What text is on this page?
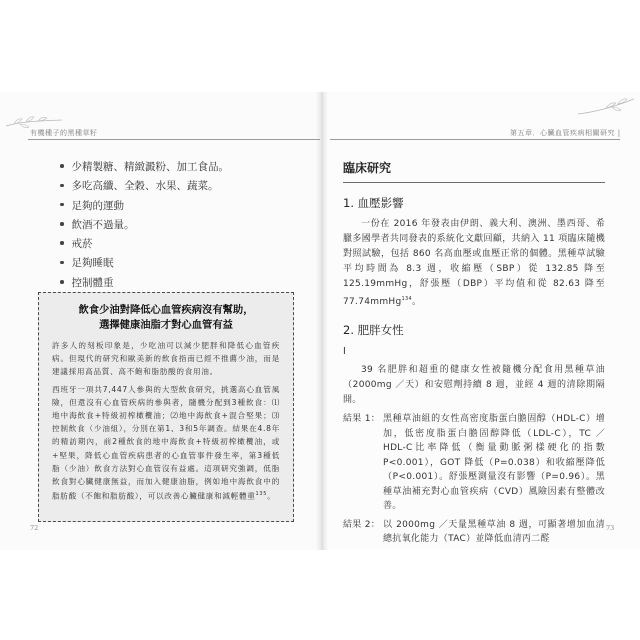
有機種子的黑種草籽
少精製糖、精緻澱粉、加工食品。
多吃高纖、全穀、水果、蔬菜。
足夠的運動
飲酒不過量。
戒菸
足夠睡眠
控制體重
飲食少油對降低心血管疾病沒有幫助，
選擇健康油脂才對心血管有益

許多人的刻板印象是，少吃油可以減少肥胖和降低心血管疾病。但現代的研究和歐美新的飲食指南已經不推薦少油，而是建議採用高品質、高不飽和脂肪酸的食用油。

西班牙一項共7,447人參與的大型飲食研究，挑選高心血管風險，但還沒有心血管疾病的參與者，隨機分配到3種飲食：⑴地中海飲食+特級初榨橄欖油；⑵地中海飲食+混合堅果；⑶控制飲食（少油組），分別在第1、3和5年調查。結果在4.8年的精訪期內，前2種飲食的地中海飲食+特級初榨橄欖油，或+堅果，降低心血管疾病患者的心血管事件發生率，第3種低脂（少油）飲食方法對心血管沒有益處。這項研究強調，低脂飲食對心臟健康無益，而加入健康油脂，例如地中海飲食中的脂肪酸（不飽和脂肪酸），可以改善心臟健康和減輕體重$^{135}$。

72
第五章．心臟血管疾病相關研究 |
臨床研究
1. 血壓影響
一份在 2016 年發表由伊朗、義大利、澳洲、墨西哥、希臘多國學者共同發表的系統化文獻回顧，共納入 11 項臨床隨機對照試驗，包括 860 名高血壓或血壓正常的個體。黑種草試驗平均時間為 8.3 週，收縮壓（SBP）從 132.85 降至 125.19mmHg，舒張壓（DBP）平均值和從 82.63 降至 77.74mmHg$^{134}$。
2. 肥胖女性
I
39 名肥胖和超重的健康女性被隨機分配食用黑種草油（2000mg ／天）和安慰劑持續 8 週，並經 4 週的清除期隔開。
結果 1： 黑種草油組的女性高密度脂蛋白膽固醇（HDL-C）增加，低密度脂蛋白膽固醇降低（LDL-C），TC ／ HDL-C比率降低（衡量動脈粥樣硬化的指數 P<0.001），GOT 降低（P=0.038）和收縮壓降低（P<0.001）。舒張壓測量沒有影響（P=0.96）。黑種草油補充對心血管疾病（CVD）風險因素有整體改善。
結果 2： 以 2000mg ／天量黑種草油 8 週，可顯著增加血清總抗氧化能力（TAC）並降低血清丙二醛
73
